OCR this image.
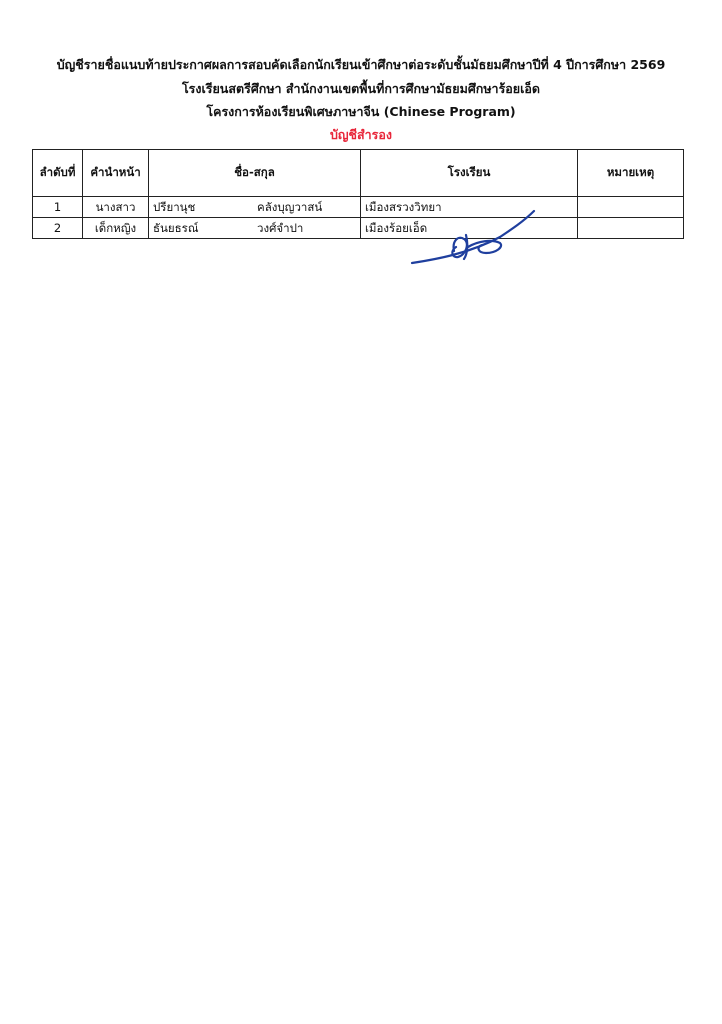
บัญชีรายชื่อแนบท้ายประกาศผลการสอบคัดเลือกนักเรียนเข้าศึกษาต่อระดับชั้นมัธยมศึกษาปีที่ 4 ปีการศึกษา 2569
โรงเรียนสตรีศึกษา สำนักงานเขตพื้นที่การศึกษามัธยมศึกษาร้อยเอ็ด
โครงการห้องเรียนพิเศษภาษาจีน (Chinese Program)
บัญชีสำรอง
ลำดับที่	คำนำหน้า	ชื่อ-สกุล	โรงเรียน	หมายเหตุ
1	นางสาว	ปรียานุช คลังบุญวาสน์	เมืองสรวงวิทยา	
2	เด็กหญิง	ธันยธรณ์ วงศ์จำปา	เมืองร้อยเอ็ด	
